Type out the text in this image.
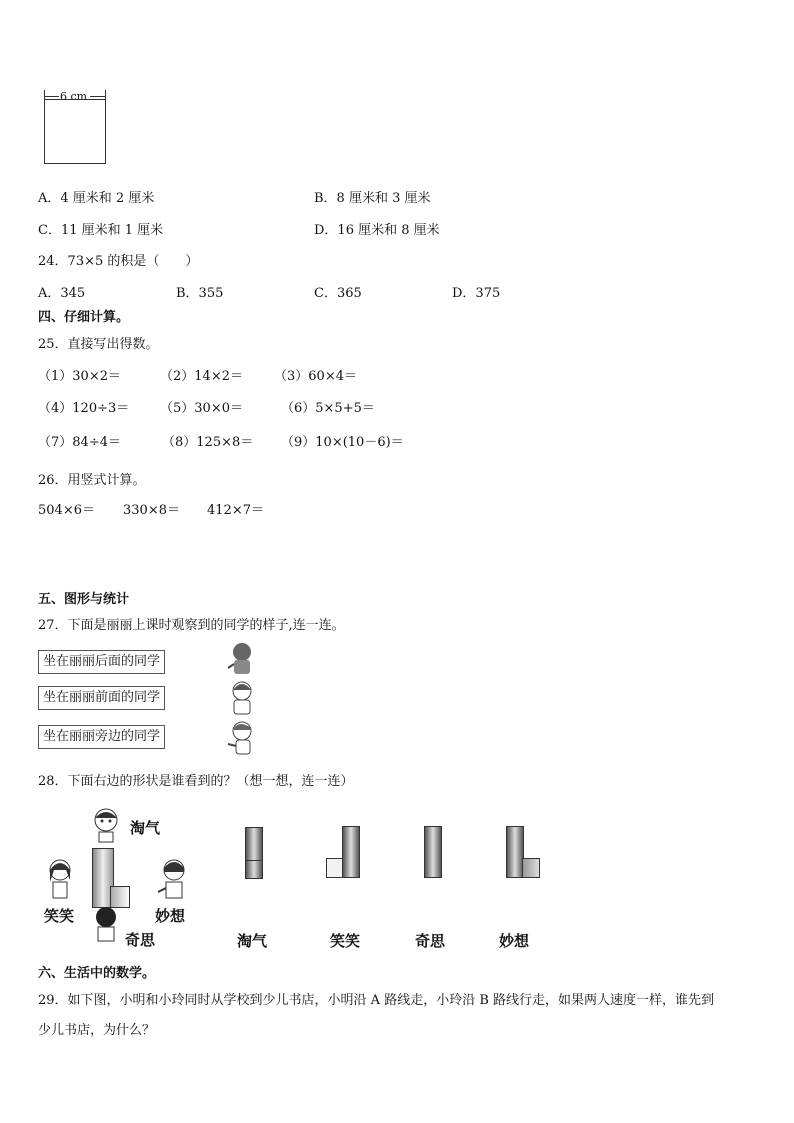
6 cm
A．4 厘米和 2 厘米	B．8 厘米和 3 厘米
C．11 厘米和 1 厘米	D．16 厘米和 8 厘米
24．73×5 的积是（　　）
A．345	B．355	C．365	D．375
四、仔细计算。
25．直接写出得数。
（1）30×2＝	（2）14×2＝ （3）60×4＝
（4）120÷3＝ （5）30×0＝	（6）5×5+5＝
（7）84÷4＝	（8）125×8＝ （9）10×(10－6)＝
26．用竖式计算。
504×6＝ 330×8＝ 412×7＝
五、图形与统计
27．下面是丽丽上课时观察到的同学的样子,连一连。
坐在丽丽后面的同学
坐在丽丽前面的同学
坐在丽丽旁边的同学
28．下面右边的形状是谁看到的？（想一想，连一连）
淘气
笑笑	妙想
奇思	淘气	笑笑	奇思	妙想
六、生活中的数学。
29．如下图，小明和小玲同时从学校到少儿书店，小明沿 A 路线走，小玲沿 B 路线行走，如果两人速度一样，谁先到
少儿书店，为什么？
